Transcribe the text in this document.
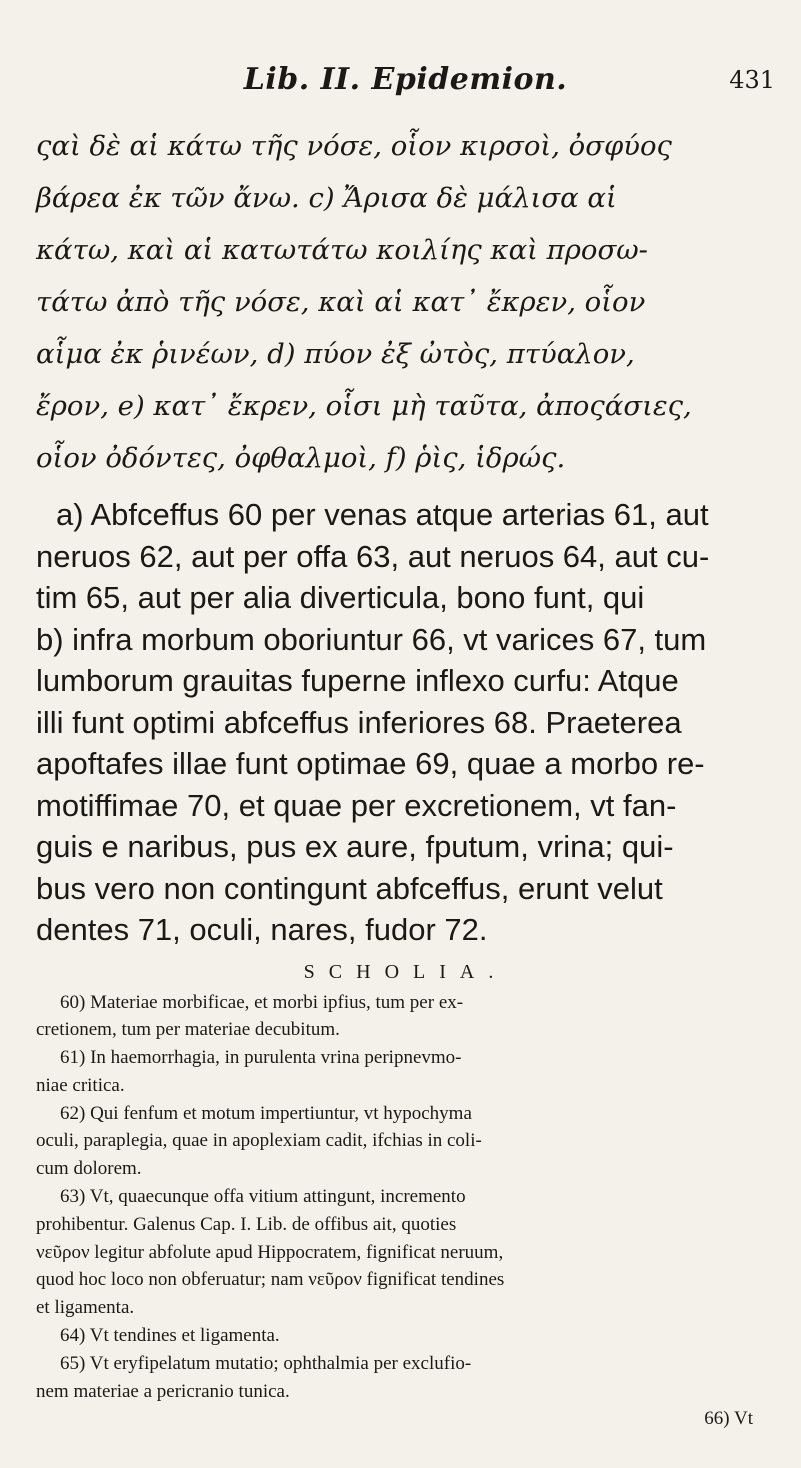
Lib. II. Epidemion.	431
ςαὶ δὲ αἱ κάτω τῆς νόσε, οἷον κιρσοὶ, ὀσφύος
βάρεα ἐκ τῶν ἄνω. c) Ἄρισα δὲ μάλισα αἱ
κάτω, καὶ αἱ κατωτάτω κοιλίης καὶ προσω-
τάτω ἀπὸ τῆς νόσε, καὶ αἱ κατ᾿ ἔκρεν, οἷον
αἷμα ἐκ ῥινέων, d) πύον ἐξ ὠτὸς, πτύαλον,
ἔρον, e) κατ᾿ ἔκρεν, οἷσι μὴ ταῦτα, ἀποςάσιες,
οἷον ὀδόντες, ὀφθαλμοὶ, f) ῥὶς, ἱδρώς.
a) Abfceffus 60 per venas atque arterias 61, aut
neruos 62, aut per offa 63, aut neruos 64, aut cu-
tim 65, aut per alia diverticula, bono funt, qui
b) infra morbum oboriuntur 66, vt varices 67, tum
lumborum grauitas fuperne inflexo curfu: Atque
illi funt optimi abfceffus inferiores 68. Praeterea
apoftafes illae funt optimae 69, quae a morbo re-
motiffimae 70, et quae per excretionem, vt fan-
guis e naribus, pus ex aure, fputum, vrina; qui-
bus vero non contingunt abfceffus, erunt velut
dentes 71, oculi, nares, fudor 72.
SCHOLIA.
60) Materiae morbificae, et morbi ipfius, tum per ex-
cretionem, tum per materiae decubitum.
61) In haemorrhagia, in purulenta vrina peripnevmo-
niae critica.
62) Qui fenfum et motum impertiuntur, vt hypochyma
oculi, paraplegia, quae in apoplexiam cadit, ifchias in coli-
cum dolorem.
63) Vt, quaecunque offa vitium attingunt, incremento
prohibentur. Galenus Cap. I. Lib. de offibus ait, quoties
νεῦρον legitur abfolute apud Hippocratem, fignificat neruum,
quod hoc loco non obferuatur; nam νεῦρον fignificat tendines
et ligamenta.
64) Vt tendines et ligamenta.
65) Vt eryfipelatum mutatio; ophthalmia per exclufio-
nem materiae a pericranio tunica.
66) Vt
